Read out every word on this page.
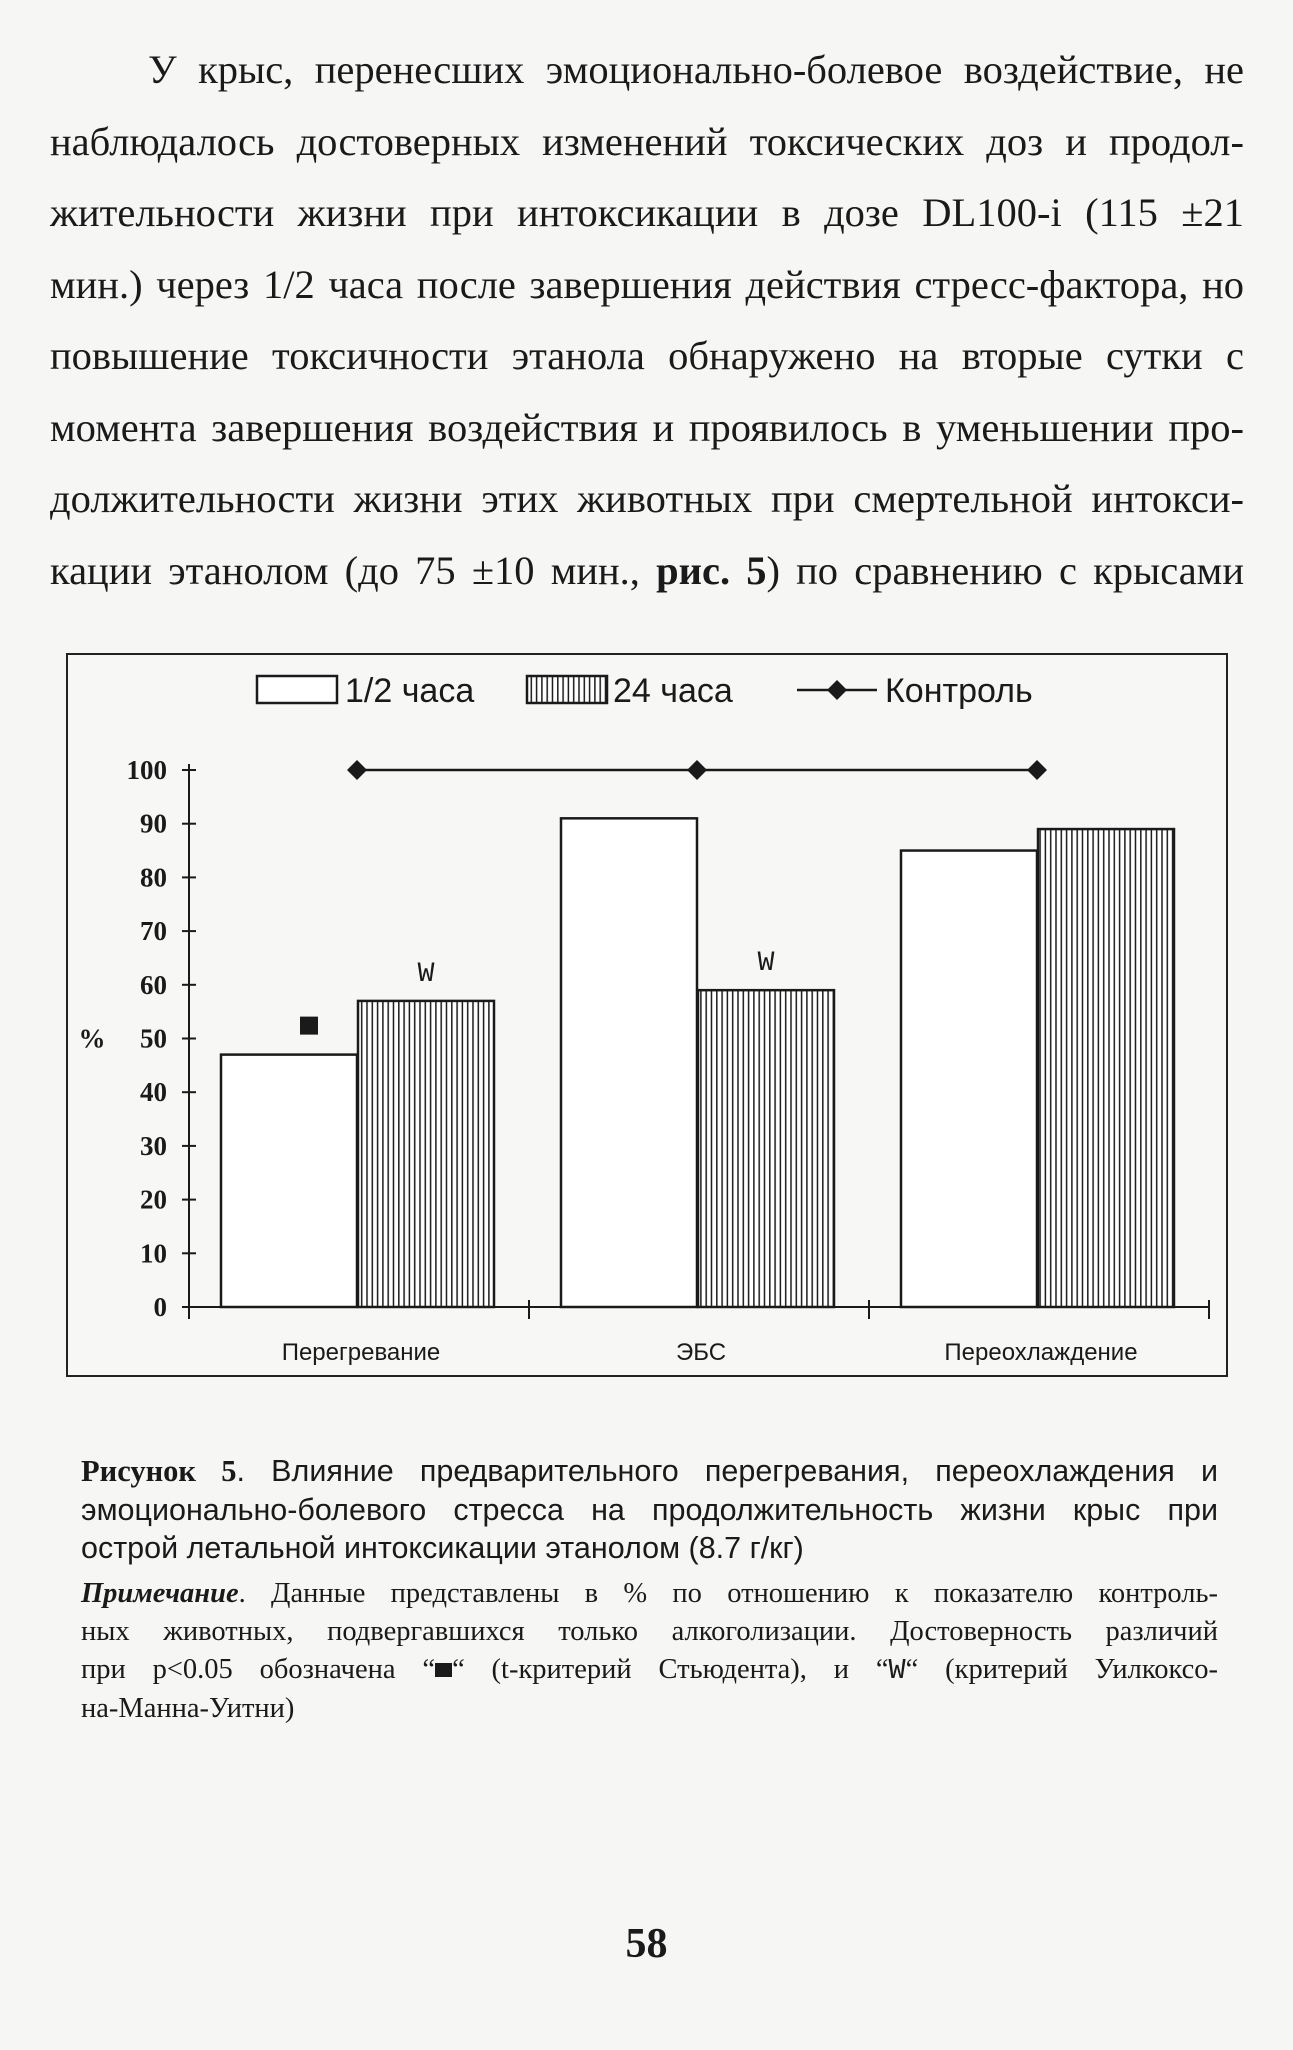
У крыс, перенесших эмоционально-болевое воздействие, не
наблюдалось достоверных изменений токсических доз и продол-
жительности жизни при интоксикации в дозе DL100-i (115 ±21
мин.) через 1/2 часа после завершения действия стресс-фактора, но
повышение токсичности этанола обнаружено на вторые сутки с
момента завершения воздействия и проявилось в уменьшении про-
должительности жизни этих животных при смертельной интокси-
кации этанолом (до 75 ±10 мин., рис. 5) по сравнению с крысами

1/2 часа	24 часа	Контроль
0
10
20
30
40
50
60
70
80
90
100
%
Перегревание	ЭБС	Переохлаждение
W	W

Рисунок 5. Влияние предварительного перегревания, переохлаждения и
эмоционально-болевого стресса на продолжительность жизни крыс при
острой летальной интоксикации этанолом (8.7 г/кг)

Примечание. Данные представлены в % по отношению к показателю контроль-
ных животных, подвергавшихся только алкоголизации. Достоверность различий
при p<0.05 обозначена “ “ (t-критерий Стьюдента), и “W“ (критерий Уилкоксо-
на-Манна-Уитни)

58
